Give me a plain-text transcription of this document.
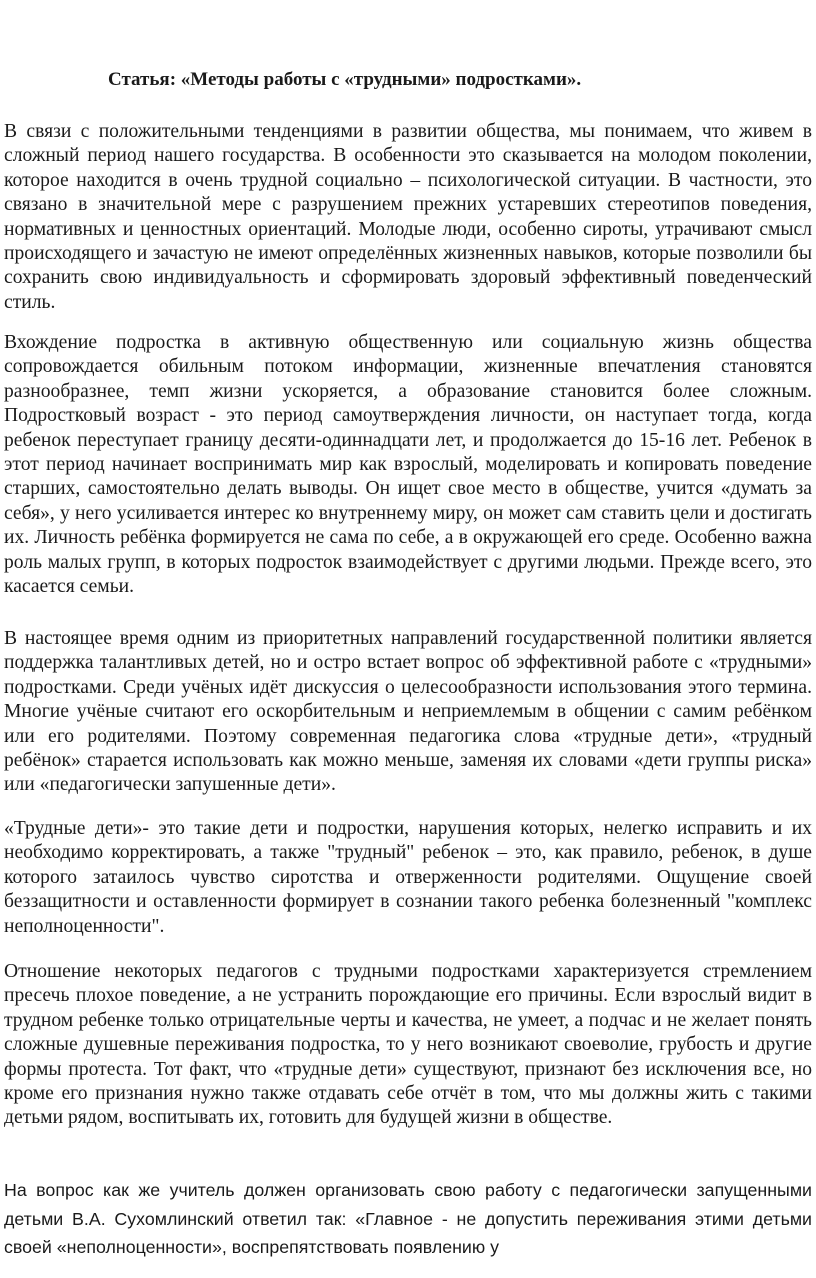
Статья: «Методы работы с «трудными» подростками».

В связи с положительными тенденциями в развитии общества, мы понимаем, что живем в сложный период нашего государства. В особенности это сказывается на молодом поколении, которое находится в очень трудной социально – психологической ситуации. В частности, это связано в значительной мере с разрушением прежних устаревших стереотипов поведения, нормативных и ценностных ориентаций. Молодые люди, особенно сироты, утрачивают смысл происходящего и зачастую не имеют определённых жизненных навыков, которые позволили бы сохранить свою индивидуальность и сформировать здоровый эффективный поведенческий стиль.

Вхождение подростка в активную общественную или социальную жизнь общества сопровождается обильным потоком информации, жизненные впечатления становятся разнообразнее, темп жизни ускоряется, а образование становится более сложным. Подростковый возраст - это период самоутверждения личности, он наступает тогда, когда ребенок переступает границу десяти-одиннадцати лет, и продолжается до 15-16 лет. Ребенок в этот период начинает воспринимать мир как взрослый, моделировать и копировать поведение старших, самостоятельно делать выводы. Он ищет свое место в обществе, учится «думать за себя», у него усиливается интерес ко внутреннему миру, он может сам ставить цели и достигать их. Личность ребёнка формируется не сама по себе, а в окружающей его среде. Особенно важна роль малых групп, в которых подросток взаимодействует с другими людьми. Прежде всего, это касается семьи.

В настоящее время одним из приоритетных направлений государственной политики является поддержка талантливых детей, но и остро встает вопрос об эффективной работе с «трудными» подростками. Среди учёных идёт дискуссия о целесообразности использования этого термина. Многие учёные считают его оскорбительным и неприемлемым в общении с самим ребёнком или его родителями. Поэтому современная педагогика слова «трудные дети», «трудный ребёнок» старается использовать как можно меньше, заменяя их словами «дети группы риска» или «педагогически запушенные дети».

«Трудные дети»- это такие дети и подростки, нарушения которых, нелегко исправить и их необходимо корректировать, а также "трудный" ребенок – это, как правило, ребенок, в душе которого затаилось чувство сиротства и отверженности родителями. Ощущение своей беззащитности и оставленности формирует в сознании такого ребенка болезненный "комплекс неполноценности".

Отношение некоторых педагогов с трудными подростками характеризуется стремлением пресечь плохое поведение, а не устранить порождающие его причины. Если взрослый видит в трудном ребенке только отрицательные черты и качества, не умеет, а подчас и не желает понять сложные душевные переживания подростка, то у него возникают своеволие, грубость и другие формы протеста. Тот факт, что «трудные дети» существуют, признают без исключения все, но кроме его признания нужно также отдавать себе отчёт в том, что мы должны жить с такими детьми рядом, воспитывать их, готовить для будущей жизни в обществе.

На вопрос как же учитель должен организовать свою работу с педагогически запущенными детьми В.А. Сухомлинский ответил так: «Главное - не допустить переживания этими детьми своей «неполноценности», воспрепятствовать появлению у
